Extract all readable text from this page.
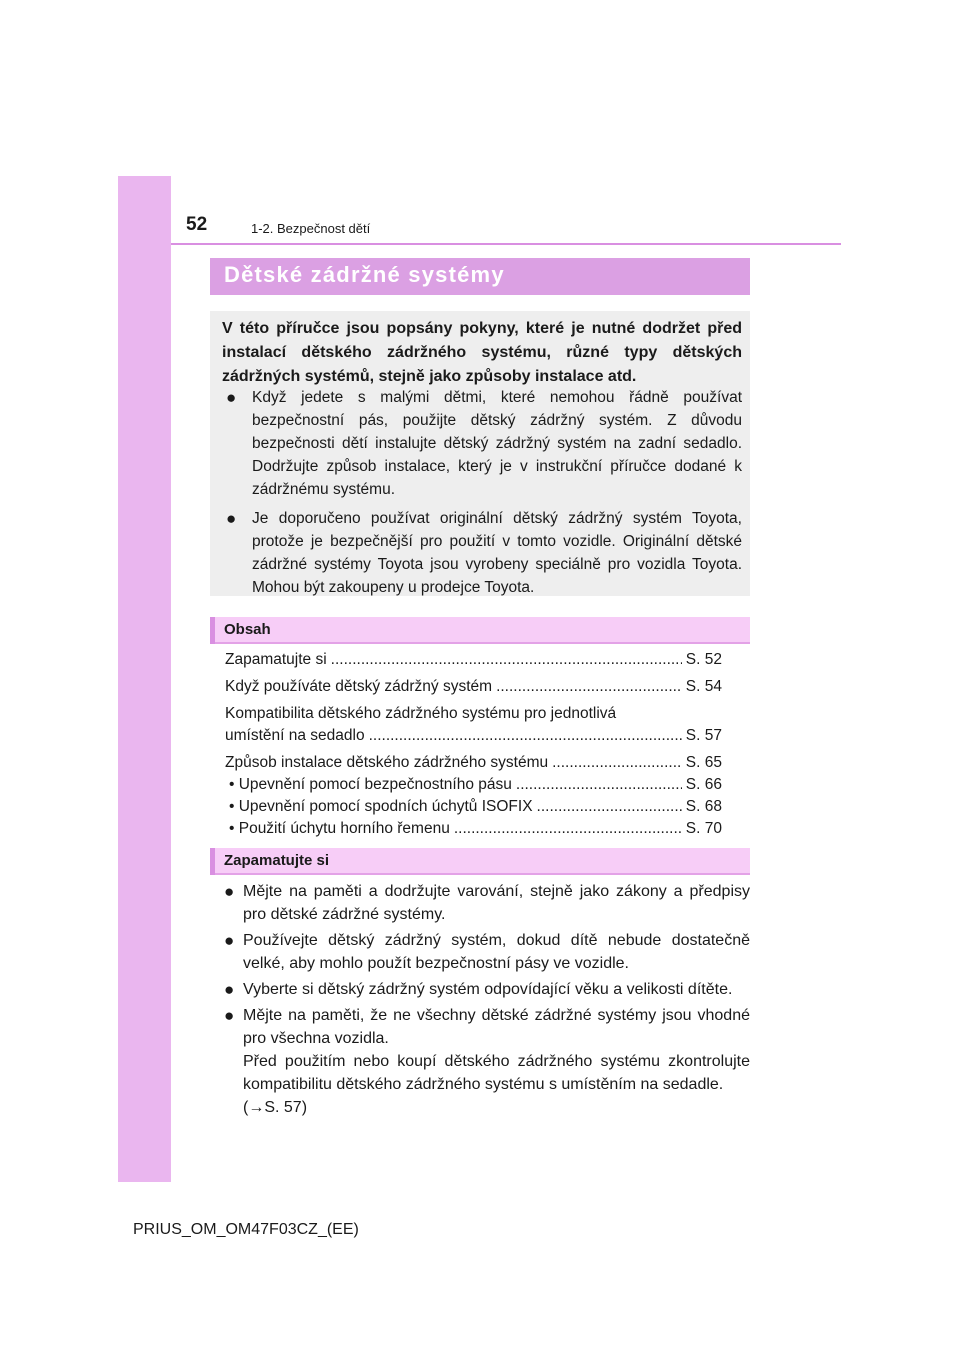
52	1-2. Bezpečnost dětí
Dětské zádržné systémy
V této příručce jsou popsány pokyny, které je nutné dodržet před instalací dětského zádržného systému, různé typy dětských zádržných systémů, stejně jako způsoby instalace atd.
● Když jedete s malými dětmi, které nemohou řádně používat bezpečnostní pás, použijte dětský zádržný systém. Z důvodu bezpečnosti dětí instalujte dětský zádržný systém na zadní sedadlo. Dodržujte způsob instalace, který je v instrukční příručce dodané k zádržnému systému.
● Je doporučeno používat originální dětský zádržný systém Toyota, protože je bezpečnější pro použití v tomto vozidle. Originální dětské zádržné systémy Toyota jsou vyrobeny speciálně pro vozidla Toyota. Mohou být zakoupeny u prodejce Toyota.
Obsah
Zapamatujte si .....	S. 52
Když používáte dětský zádržný systém .....	S. 54
Kompatibilita dětského zádržného systému pro jednotlivá
umístění na sedadlo .....	S. 57
Způsob instalace dětského zádržného systému .....	S. 65
• Upevnění pomocí bezpečnostního pásu .....	S. 66
• Upevnění pomocí spodních úchytů ISOFIX .....	S. 68
• Použití úchytu horního řemenu .....	S. 70
Zapamatujte si
● Mějte na paměti a dodržujte varování, stejně jako zákony a předpisy pro dětské zádržné systémy.
● Používejte dětský zádržný systém, dokud dítě nebude dostatečně velké, aby mohlo použít bezpečnostní pásy ve vozidle.
● Vyberte si dětský zádržný systém odpovídající věku a velikosti dítěte.
● Mějte na paměti, že ne všechny dětské zádržné systémy jsou vhodné pro všechna vozidla.
Před použitím nebo koupí dětského zádržného systému zkontrolujte kompatibilitu dětského zádržného systému s umístěním na sedadle.
(→S. 57)
PRIUS_OM_OM47F03CZ_(EE)
